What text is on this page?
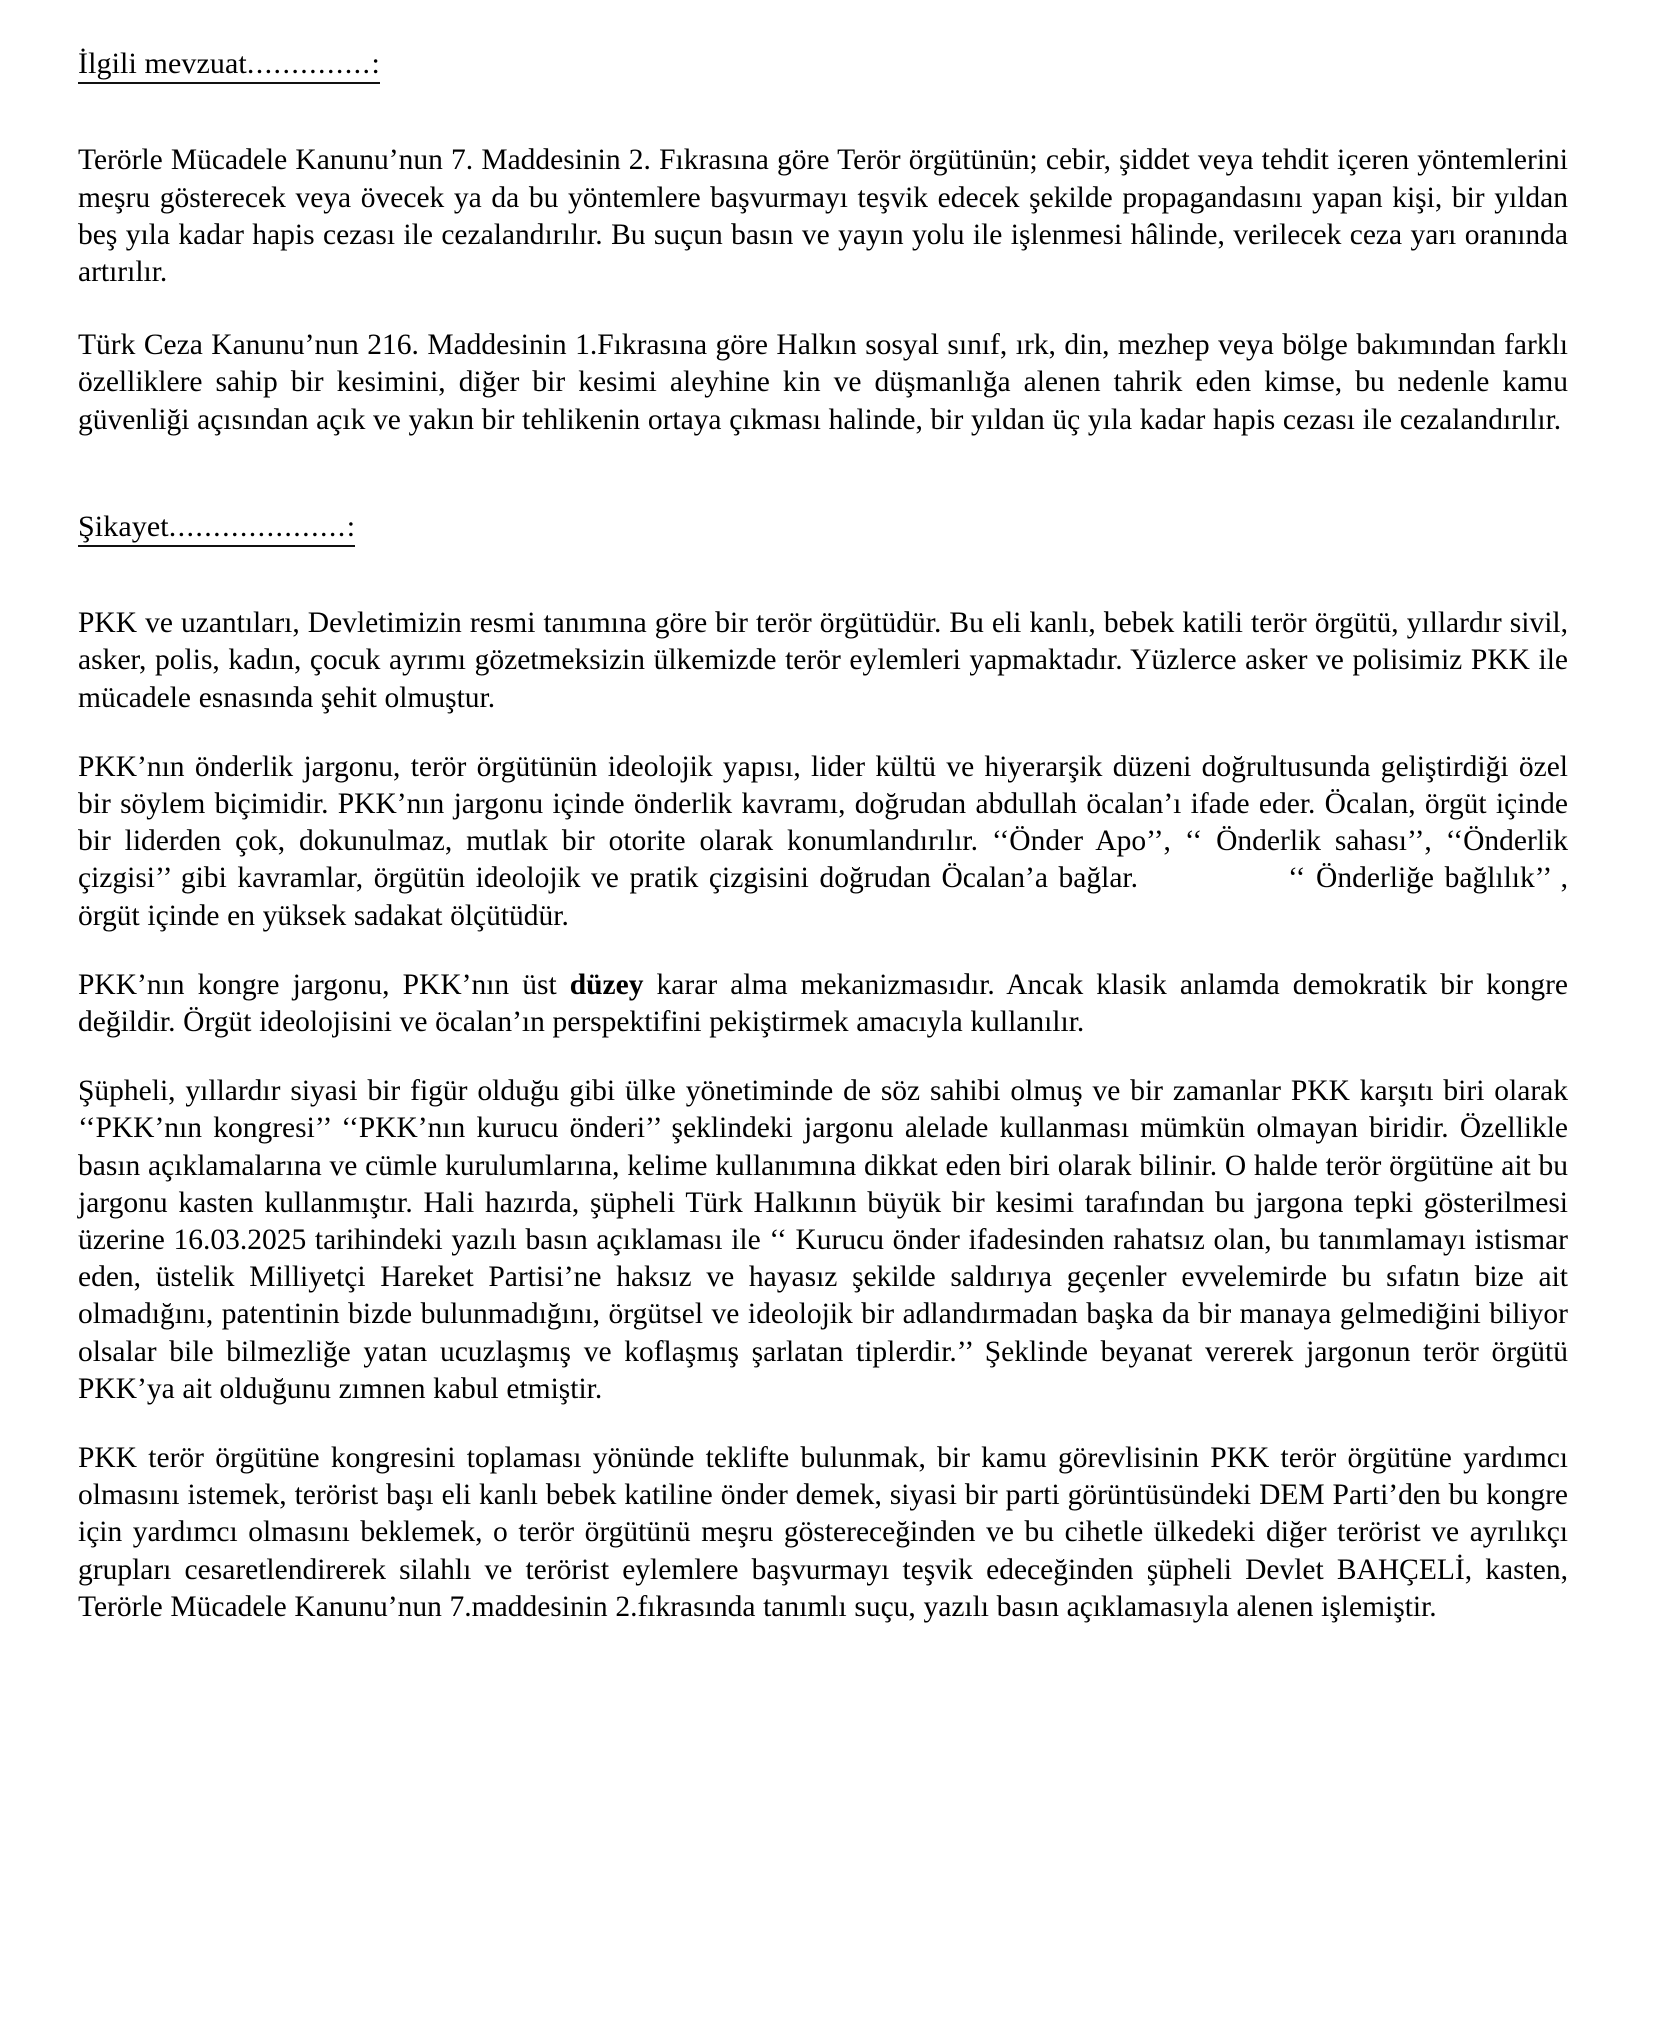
İlgili mevzuat..............:

Terörle Mücadele Kanunu’nun 7. Maddesinin 2. Fıkrasına göre Terör örgütünün; cebir, şiddet veya tehdit içeren yöntemlerini meşru gösterecek veya övecek ya da bu yöntemlere başvurmayı teşvik edecek şekilde propagandasını yapan kişi, bir yıldan beş yıla kadar hapis cezası ile cezalandırılır. Bu suçun basın ve yayın yolu ile işlenmesi hâlinde, verilecek ceza yarı oranında artırılır.

Türk Ceza Kanunu’nun 216. Maddesinin 1.Fıkrasına göre Halkın sosyal sınıf, ırk, din, mezhep veya bölge bakımından farklı özelliklere sahip bir kesimini, diğer bir kesimi aleyhine kin ve düşmanlığa alenen tahrik eden kimse, bu nedenle kamu güvenliği açısından açık ve yakın bir tehlikenin ortaya çıkması halinde, bir yıldan üç yıla kadar hapis cezası ile cezalandırılır.

Şikayet....................:

PKK ve uzantıları, Devletimizin resmi tanımına göre bir terör örgütüdür. Bu eli kanlı, bebek katili terör örgütü, yıllardır sivil, asker, polis, kadın, çocuk ayrımı gözetmeksizin ülkemizde terör eylemleri yapmaktadır. Yüzlerce asker ve polisimiz PKK ile mücadele esnasında şehit olmuştur.

PKK’nın önderlik jargonu, terör örgütünün ideolojik yapısı, lider kültü ve hiyerarşik düzeni doğrultusunda geliştirdiği özel bir söylem biçimidir. PKK’nın jargonu içinde önderlik kavramı, doğrudan abdullah öcalan’ı ifade eder. Öcalan, örgüt içinde bir liderden çok, dokunulmaz, mutlak bir otorite olarak konumlandırılır. ‘‘Önder Apo’’, ‘‘ Önderlik sahası’’, ‘‘Önderlik çizgisi’’ gibi kavramlar, örgütün ideolojik ve pratik çizgisini doğrudan Öcalan’a bağlar.	‘‘ Önderliğe bağlılık’’ , örgüt içinde en yüksek sadakat ölçütüdür.

PKK’nın kongre jargonu, PKK’nın üst düzey karar alma mekanizmasıdır. Ancak klasik anlamda demokratik bir kongre değildir. Örgüt ideolojisini ve öcalan’ın perspektifini pekiştirmek amacıyla kullanılır.

Şüpheli, yıllardır siyasi bir figür olduğu gibi ülke yönetiminde de söz sahibi olmuş ve bir zamanlar PKK karşıtı biri olarak ‘‘PKK’nın kongresi’’ ‘‘PKK’nın kurucu önderi’’ şeklindeki jargonu alelade kullanması mümkün olmayan biridir. Özellikle basın açıklamalarına ve cümle kurulumlarına, kelime kullanımına dikkat eden biri olarak bilinir. O halde terör örgütüne ait bu jargonu kasten kullanmıştır. Hali hazırda, şüpheli Türk Halkının büyük bir kesimi tarafından bu jargona tepki gösterilmesi üzerine 16.03.2025 tarihindeki yazılı basın açıklaması ile ‘‘ Kurucu önder ifadesinden rahatsız olan, bu tanımlamayı istismar eden, üstelik Milliyetçi Hareket Partisi’ne haksız ve hayasız şekilde saldırıya geçenler evvelemirde bu sıfatın bize ait olmadığını, patentinin bizde bulunmadığını, örgütsel ve ideolojik bir adlandırmadan başka da bir manaya gelmediğini biliyor olsalar bile bilmezliğe yatan ucuzlaşmış ve koflaşmış şarlatan tiplerdir.’’ Şeklinde beyanat vererek jargonun terör örgütü PKK’ya ait olduğunu zımnen kabul etmiştir.

PKK terör örgütüne kongresini toplaması yönünde teklifte bulunmak, bir kamu görevlisinin PKK terör örgütüne yardımcı olmasını istemek, terörist başı eli kanlı bebek katiline önder demek, siyasi bir parti görüntüsündeki DEM Parti’den bu kongre için yardımcı olmasını beklemek, o terör örgütünü meşru göstereceğinden ve bu cihetle ülkedeki diğer terörist ve ayrılıkçı grupları cesaretlendirerek silahlı ve terörist eylemlere başvurmayı teşvik edeceğinden şüpheli Devlet BAHÇELİ, kasten, Terörle Mücadele Kanunu’nun 7.maddesinin 2.fıkrasında tanımlı suçu, yazılı basın açıklamasıyla alenen işlemiştir.
